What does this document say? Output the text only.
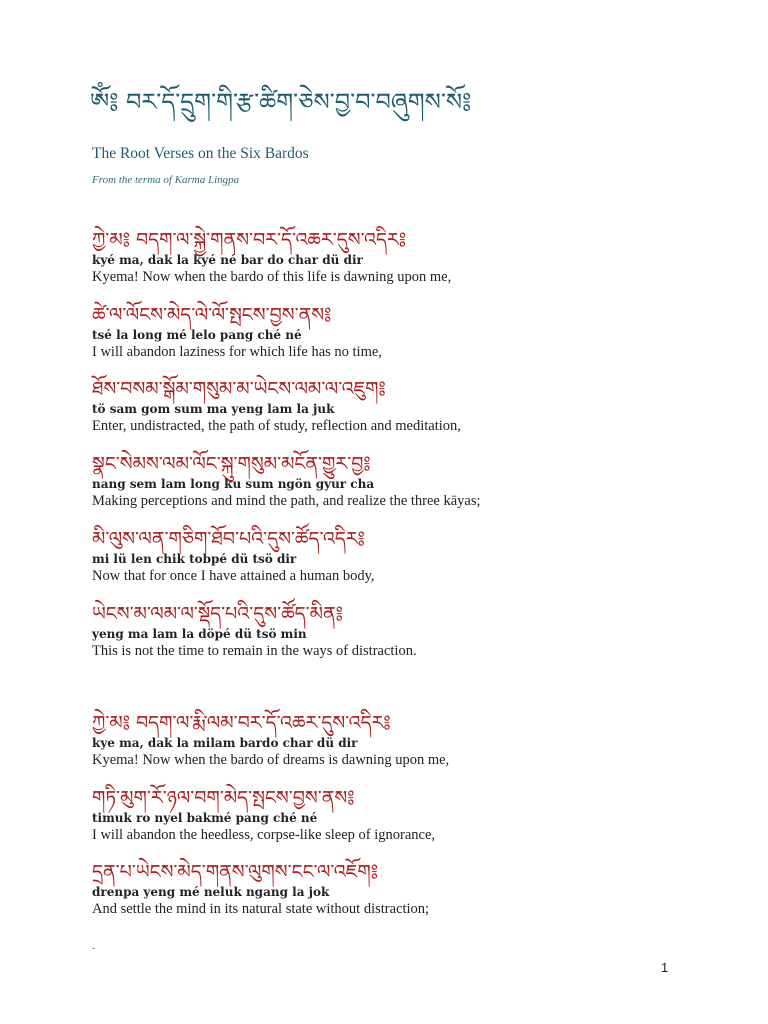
ཨོཾ༔ བར་དོ་དྲུག་གི་རྩ་ཚིག་ཅེས་བྱ་བ་བཞུགས་སོ༔
The Root Verses on the Six Bardos
From the terma of Karma Lingpa
ཀྱེ་མ༔ བདག་ལ་སྐྱེ་གནས་བར་དོ་འཆར་དུས་འདིར༔
kyé ma, dak la kyé né bar do char dü dir
Kyema! Now when the bardo of this life is dawning upon me,
ཚེ་ལ་ལོངས་མེད་ལེ་ལོ་སྤངས་བྱས་ནས༔
tsé la long mé lelo pang ché né
I will abandon laziness for which life has no time,
ཐོས་བསམ་སྒོམ་གསུམ་མ་ཡེངས་ལམ་ལ་འཇུག༔
tö sam gom sum ma yeng lam la juk
Enter, undistracted, the path of study, reflection and meditation,
སྣང་སེམས་ལམ་ལོང་སྐུ་གསུམ་མངོན་གྱུར་བྱ༔
nang sem lam long ku sum ngön gyur cha
Making perceptions and mind the path, and realize the three kāyas;
མི་ལུས་ལན་གཅིག་ཐོབ་པའི་དུས་ཚོད་འདིར༔
mi lü len chik tobpé dü tsö dir
Now that for once I have attained a human body,
ཡེངས་མ་ལམ་ལ་སྡོད་པའི་དུས་ཚོད་མིན༔
yeng ma lam la döpé dü tsö min
This is not the time to remain in the ways of distraction.
ཀྱེ་མ༔ བདག་ལ་རྨི་ལམ་བར་དོ་འཆར་དུས་འདིར༔
kye ma, dak la milam bardo char dü dir
Kyema! Now when the bardo of dreams is dawning upon me,
གཏི་མུག་རོ་ཉལ་བག་མེད་སྤངས་བྱས་ནས༔
timuk ro nyel bakmé pang ché né
I will abandon the heedless, corpse-like sleep of ignorance,
དྲན་པ་ཡེངས་མེད་གནས་ལུགས་ངང་ལ་འཇོག༔
drenpa yeng mé neluk ngang la jok
And settle the mind in its natural state without distraction;
-
1
